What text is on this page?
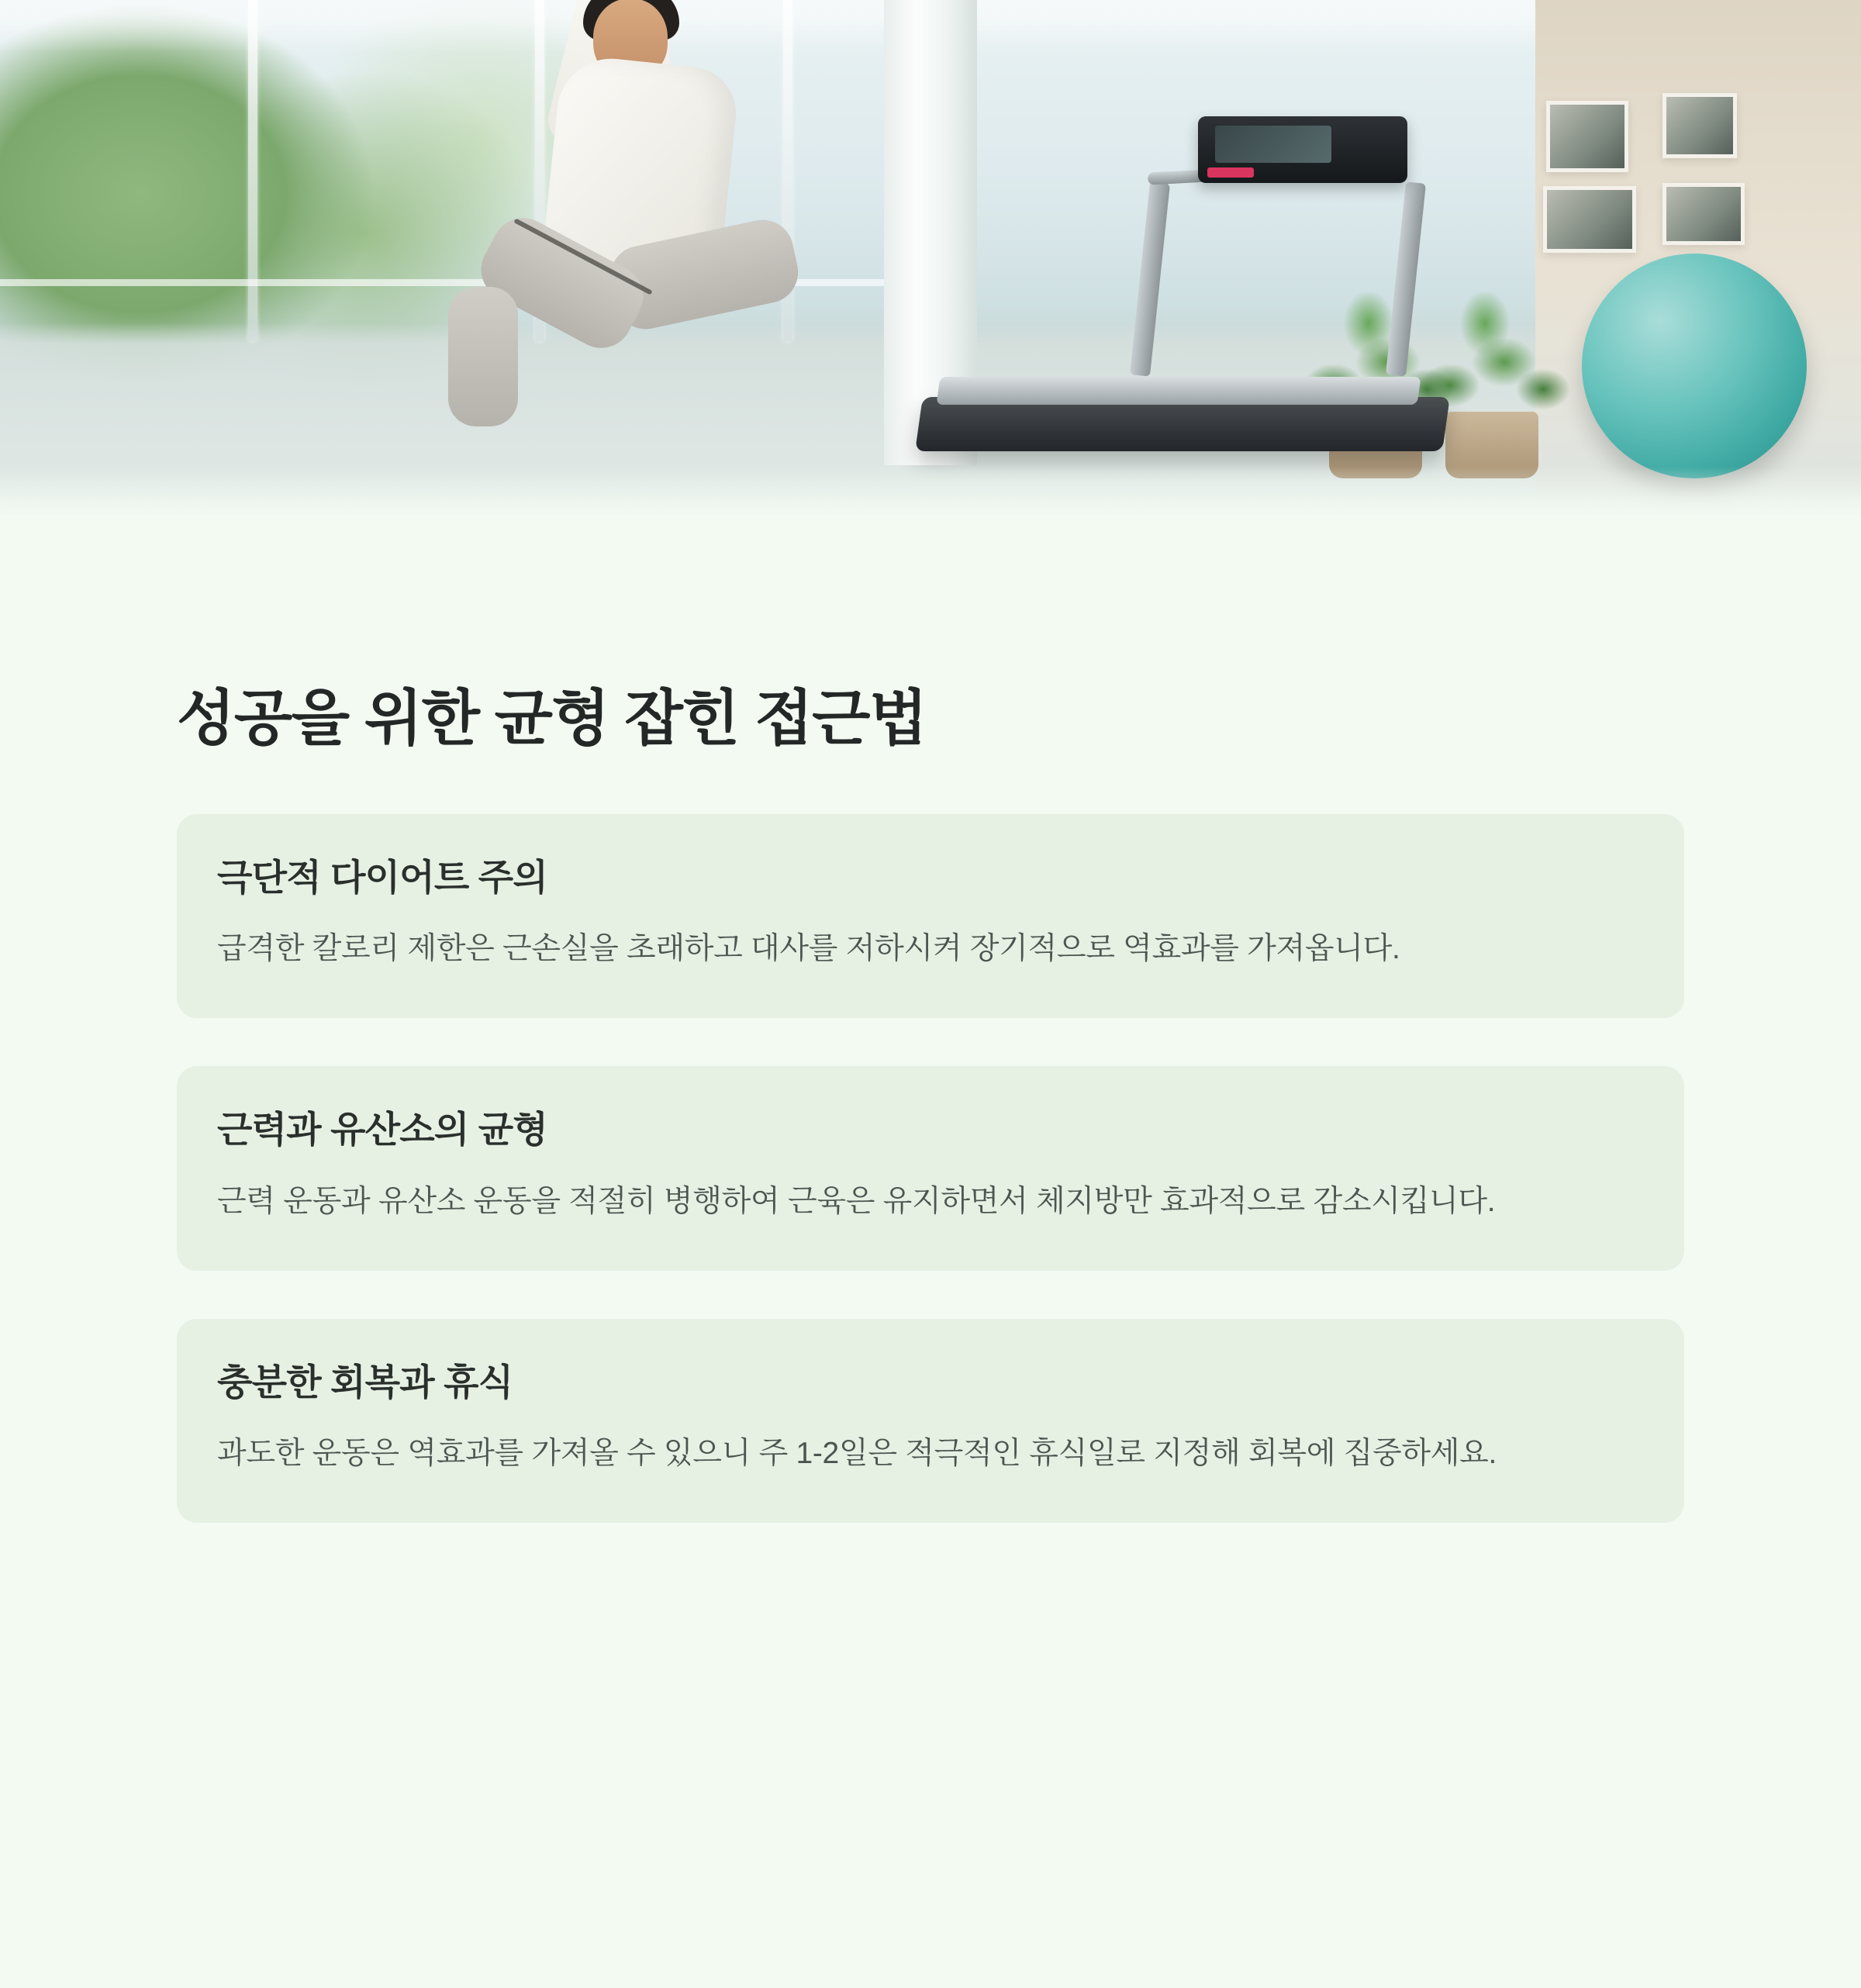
성공을 위한 균형 잡힌 접근법
극단적 다이어트 주의

급격한 칼로리 제한은 근손실을 초래하고 대사를 저하시켜 장기적으로 역효과를 가져옵니다.

근력과 유산소의 균형

근력 운동과 유산소 운동을 적절히 병행하여 근육은 유지하면서 체지방만 효과적으로 감소시킵니다.

충분한 회복과 휴식

과도한 운동은 역효과를 가져올 수 있으니 주 1-2일은 적극적인 휴식일로 지정해 회복에 집중하세요.
